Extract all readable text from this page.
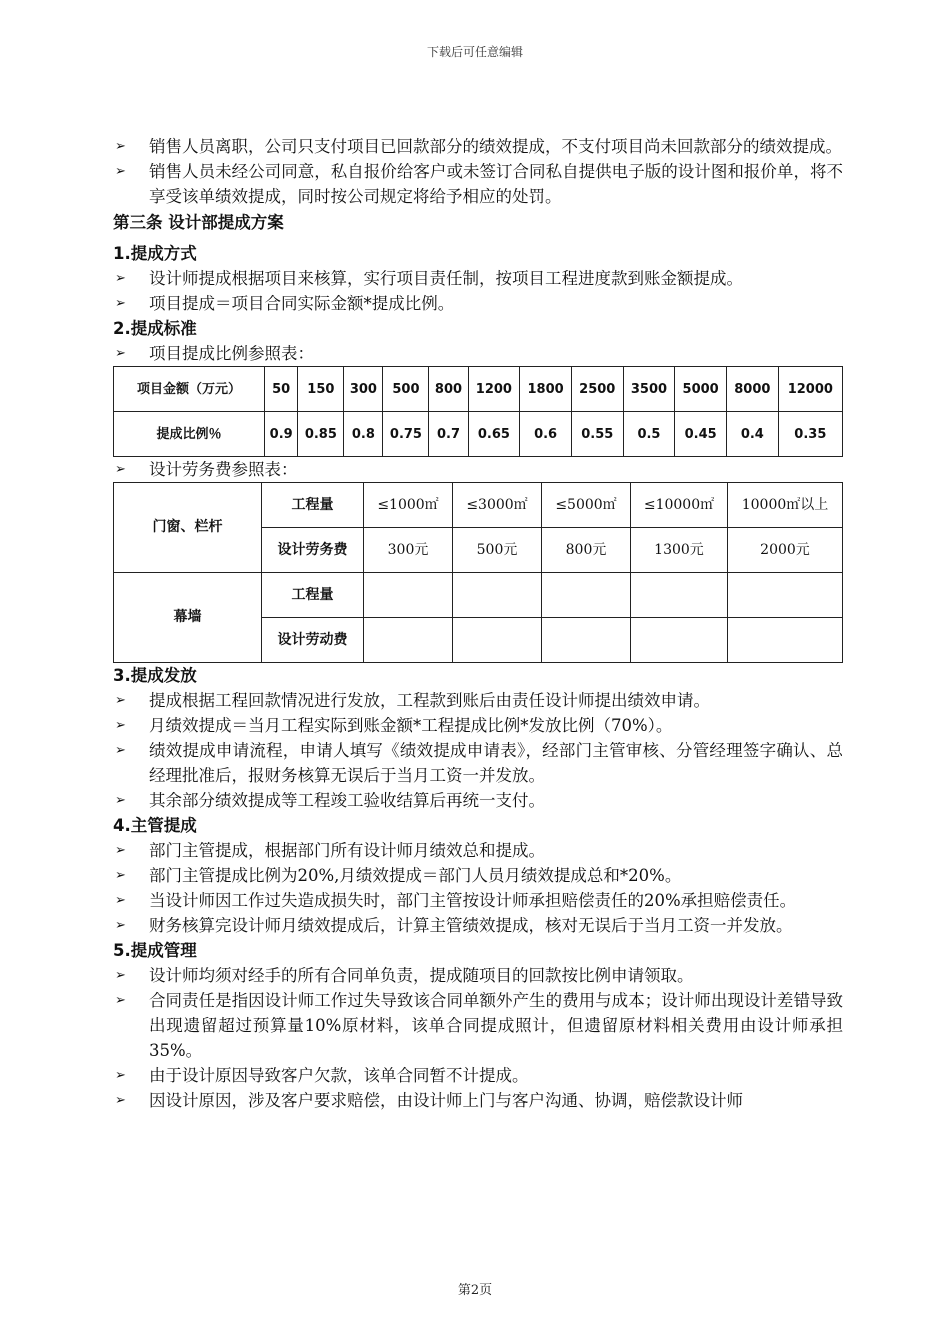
下载后可任意编辑
➢	销售人员离职，公司只支付项目已回款部分的绩效提成，不支付项目尚未回款部分的绩效提成。
➢	销售人员未经公司同意，私自报价给客户或未签订合同私自提供电子版的设计图和报价单，将不享受该单绩效提成，同时按公司规定将给予相应的处罚。
第三条 设计部提成方案
1.提成方式
➢	设计师提成根据项目来核算，实行项目责任制，按项目工程进度款到账金额提成。
➢	项目提成＝项目合同实际金额*提成比例。
2.提成标准
➢	项目提成比例参照表：
项目金额（万元）	50	150	300	500	800	1200	1800	2500	3500	5000	8000	12000
提成比例％	0.9	0.85	0.8	0.75	0.7	0.65	0.6	0.55	0.5	0.45	0.4	0.35
➢	设计劳务费参照表：
门窗、栏杆	工程量	≤1000㎡	≤3000㎡	≤5000㎡	≤10000㎡	10000㎡以上
	设计劳务费	300元	500元	800元	1300元	2000元
幕墙	工程量					
	设计劳动费					
3.提成发放
➢	提成根据工程回款情况进行发放，工程款到账后由责任设计师提出绩效申请。
➢	月绩效提成＝当月工程实际到账金额*工程提成比例*发放比例（70%）。
➢	绩效提成申请流程，申请人填写《绩效提成申请表》，经部门主管审核、分管经理签字确认、总经理批准后，报财务核算无误后于当月工资一并发放。
➢	其余部分绩效提成等工程竣工验收结算后再统一支付。
4.主管提成
➢	部门主管提成，根据部门所有设计师月绩效总和提成。
➢	部门主管提成比例为20%,月绩效提成＝部门人员月绩效提成总和*20%。
➢	当设计师因工作过失造成损失时，部门主管按设计师承担赔偿责任的20%承担赔偿责任。
➢	财务核算完设计师月绩效提成后，计算主管绩效提成，核对无误后于当月工资一并发放。
5.提成管理
➢	设计师均须对经手的所有合同单负责，提成随项目的回款按比例申请领取。
➢	合同责任是指因设计师工作过失导致该合同单额外产生的费用与成本；设计师出现设计差错导致出现遗留超过预算量10%原材料，该单合同提成照计，但遗留原材料相关费用由设计师承担35%。
➢	由于设计原因导致客户欠款，该单合同暂不计提成。
➢	因设计原因，涉及客户要求赔偿，由设计师上门与客户沟通、协调，赔偿款设计师
第2页
